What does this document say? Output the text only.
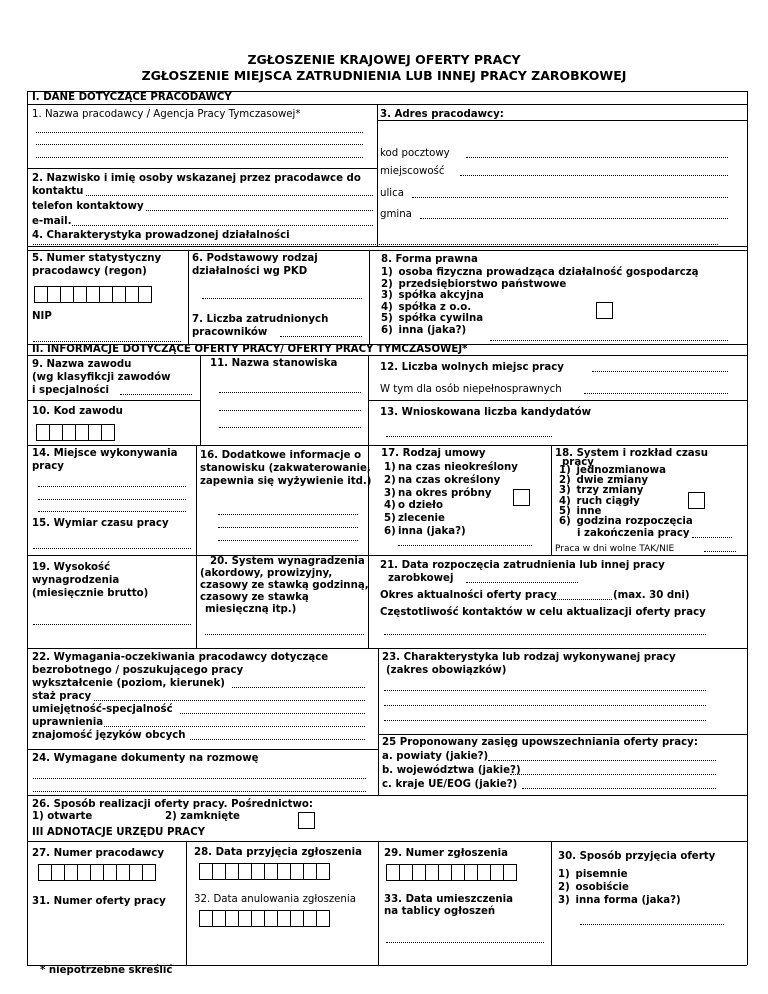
ZGŁOSZENIE KRAJOWEJ OFERTY PRACY
ZGŁOSZENIE MIEJSCA ZATRUDNIENIA LUB INNEJ PRACY ZAROBKOWEJ
I. DANE DOTYCZĄCE PRACODAWCY
1. Nazwa pracodawcy / Agencja Pracy Tymczasowej*	3. Adres pracodawcy:
kod pocztowy
miejscowość
ulica
gmina
2. Nazwisko i imię osoby wskazanej przez pracodawce do
kontaktu
telefon kontaktowy
e-mail.
4. Charakterystyka prowadzonej działalności
5. Numer statystyczny
pracodawcy (regon)
NIP
6. Podstawowy rodzaj
działalności wg PKD
7. Liczba zatrudnionych
pracowników
8. Forma prawna
1) osoba fizyczna prowadząca działalność gospodarczą
2) przedsiębiorstwo państwowe
3) spółka akcyjna
4) spółka z o.o.
5) spółka cywilna
6) inna (jaka?)
II. INFORMACJE DOTYCZĄCE OFERTY PRACY/ OFERTY PRACY TYMCZASOWEJ*
9. Nazwa zawodu
(wg klasyfikcji zawodów
i specjalności
10. Kod zawodu
11. Nazwa stanowiska	12. Liczba wolnych miejsc pracy
W tym dla osób niepełnosprawnych
13. Wnioskowana liczba kandydatów
14. Miejsce wykonywania
pracy
15. Wymiar czasu pracy
16. Dodatkowe informacje o
stanowisku (zakwaterowanie,
zapewnia się wyżywienie itd.)
17. Rodzaj umowy
1) na czas nieokreślony
2) na czas określony
3) na okres próbny
4) o dzieło
5) zlecenie
6) inna (jaka?)
18. System i rozkład czasu
pracy
1) jednozmianowa
2) dwie zmiany
3) trzy zmiany
4) ruch ciągły
5) inne
6) godzina rozpoczęcia
i zakończenia pracy
Praca w dni wolne TAK/NIE
19. Wysokość
wynagrodzenia
(miesięcznie brutto)
20. System wynagradzenia
(akordowy, prowizyjny,
czasowy ze stawką godzinną,
czasowy ze stawką
miesięczną itp.)
21. Data rozpoczęcia zatrudnienia lub innej pracy
zarobkowej
Okres aktualności oferty pracy	(max. 30 dni)
Częstotliwość kontaktów w celu aktualizacji oferty pracy
22. Wymagania-oczekiwania pracodawcy dotyczące
bezrobotnego / poszukującego pracy
wykształcenie (poziom, kierunek)
staż pracy
umiejętność-specjalność
uprawnienia
znajomość języków obcych
24. Wymagane dokumenty na rozmowę
23. Charakterystyka lub rodzaj wykonywanej pracy
(zakres obowiązków)
25 Proponowany zasięg upowszechniania oferty pracy:
a. powiaty (jakie?)
b. województwa (jakie?)
c. kraje UE/EOG (jakie?)
26. Sposób realizacji oferty pracy. Pośrednictwo:
1) otwarte	2) zamknięte
III ADNOTACJE URZĘDU PRACY
27. Numer pracodawcy
31. Numer oferty pracy
28. Data przyjęcia zgłoszenia
32. Data anulowania zgłoszenia
29. Numer zgłoszenia
33. Data umieszczenia
na tablicy ogłoszeń
30. Sposób przyjęcia oferty
1) pisemnie
2) osobiście
3) inna forma (jaka?)
* niepotrzebne skreślić
